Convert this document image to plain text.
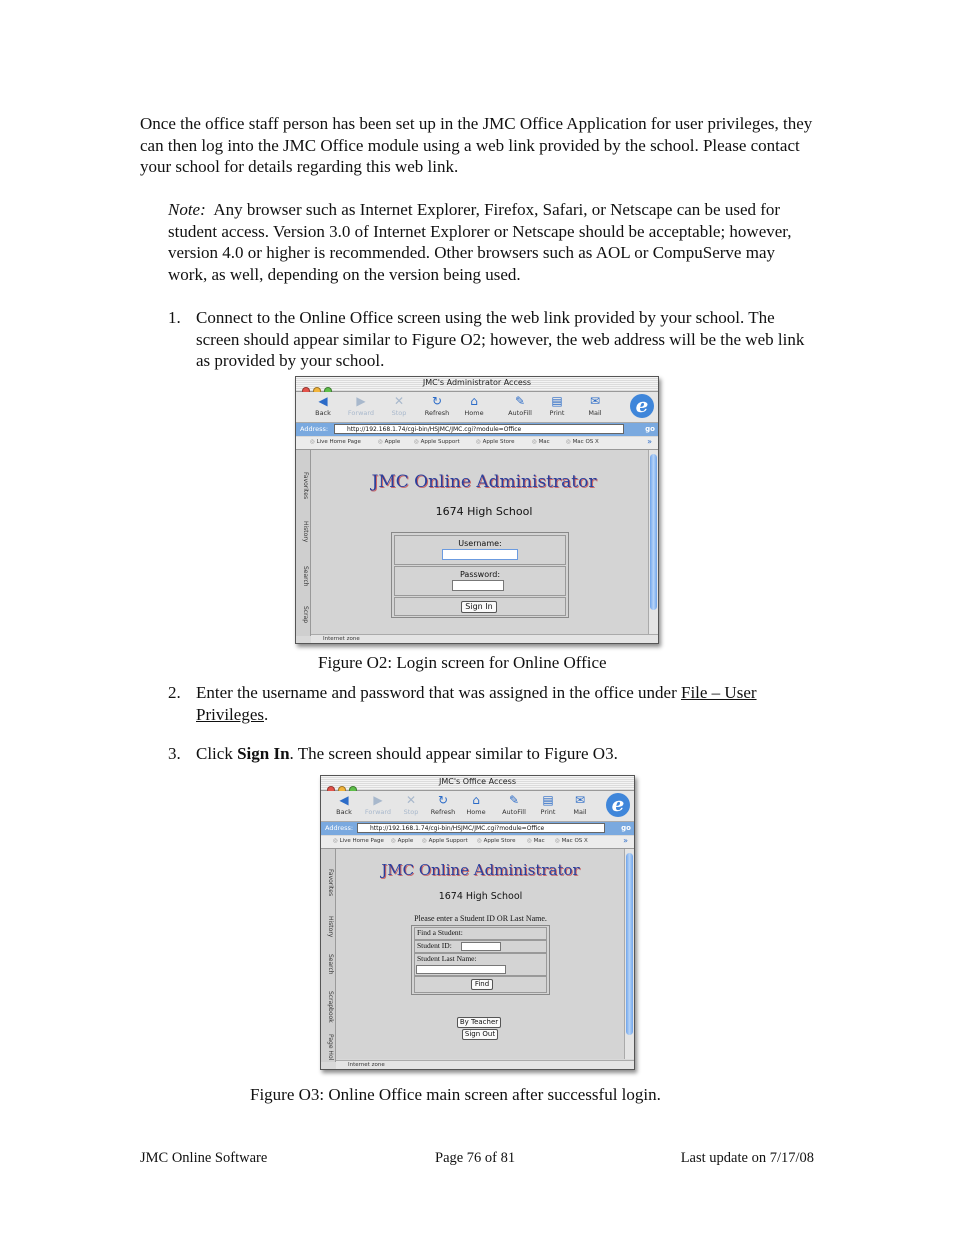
Once the office staff person has been set up in the JMC Office Application for user privileges, they can then log into the JMC Office module using a web link provided by the school. Please contact your school for details regarding this web link.
Note: Any browser such as Internet Explorer, Firefox, Safari, or Netscape can be used for student access. Version 3.0 of Internet Explorer or Netscape should be acceptable; however, version 4.0 or higher is recommended. Other browsers such as AOL or CompuServe may work, as well, depending on the version being used.
1. Connect to the Online Office screen using the web link provided by your school. The screen should appear similar to Figure O2; however, the web address will be the web link as provided by your school.
JMC's Administrator Access
◀
Back
▶
Forward
✕
Stop
↻
Refresh
⌂
Home
✎
AutoFill
▤
Print
✉
Mail	e
Address:	http://192.168.1.74/cgi-bin/HSJMC/JMC.cgi?module=Office	go
◎ Live Home Page	◎ Apple	◎ Apple Support	◎ Apple Store	◎ Mac	◎ Mac OS X	»
Favorites
History
Search
Scrap
JMC Online Administrator
1674 High School
Username:
Password:
Sign In
Internet zone
Figure O2: Login screen for Online Office
2. Enter the username and password that was assigned in the office under File – User Privileges.
3. Click Sign In. The screen should appear similar to Figure O3.
JMC's Office Access
◀
Back
▶
Forward
✕
Stop
↻
Refresh
⌂
Home
✎
AutoFill
▤
Print
✉
Mail	e
Address:	http://192.168.1.74/cgi-bin/HSJMC/JMC.cgi?module=Office	go
◎ Live Home Page	◎ Apple	◎ Apple Support	◎ Apple Store	◎ Mac	◎ Mac OS X	»
Favorites
History
Search
Scrapbook
Page Hol
JMC Online Administrator
1674 High School
Please enter a Student ID OR Last Name.
Find a Student:
Student ID:
Student Last Name:
Find
By Teacher
Sign Out
Internet zone
Figure O3: Online Office main screen after successful login.
JMC Online Software	Page 76 of 81	Last update on 7/17/08
